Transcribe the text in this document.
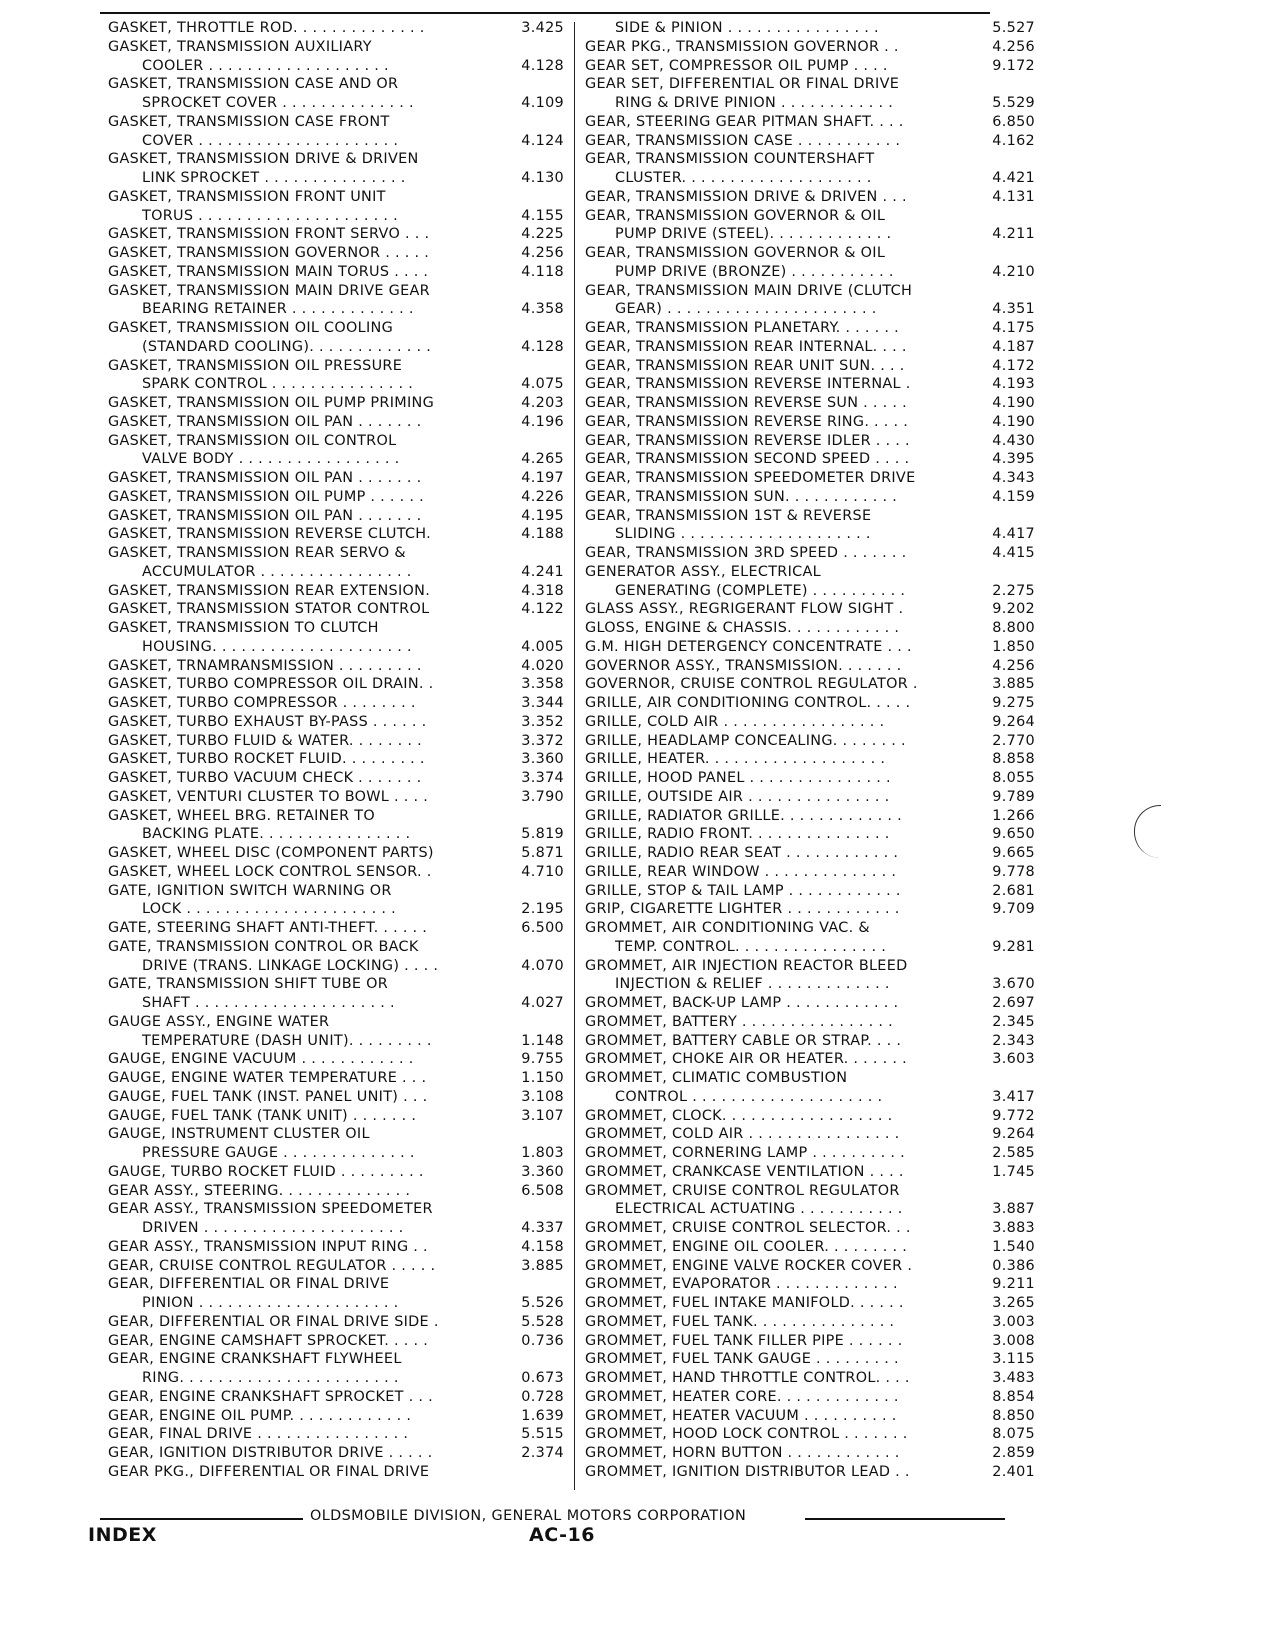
GASKET, THROTTLE ROD. . . . . . . . . . . . . .	3.425
GASKET, TRANSMISSION AUXILIARY
COOLER . . . . . . . . . . . . . . . . . . .	4.128
GASKET, TRANSMISSION CASE AND OR
SPROCKET COVER . . . . . . . . . . . . . .	4.109
GASKET, TRANSMISSION CASE FRONT
COVER . . . . . . . . . . . . . . . . . . . . .	4.124
GASKET, TRANSMISSION DRIVE & DRIVEN
LINK SPROCKET . . . . . . . . . . . . . . .	4.130
GASKET, TRANSMISSION FRONT UNIT
TORUS . . . . . . . . . . . . . . . . . . . . .	4.155
GASKET, TRANSMISSION FRONT SERVO . . .	4.225
GASKET, TRANSMISSION GOVERNOR . . . . .	4.256
GASKET, TRANSMISSION MAIN TORUS . . . .	4.118
GASKET, TRANSMISSION MAIN DRIVE GEAR
BEARING RETAINER . . . . . . . . . . . . .	4.358
GASKET, TRANSMISSION OIL COOLING
(STANDARD COOLING). . . . . . . . . . . . .	4.128
GASKET, TRANSMISSION OIL PRESSURE
SPARK CONTROL . . . . . . . . . . . . . . .	4.075
GASKET, TRANSMISSION OIL PUMP PRIMING	4.203
GASKET, TRANSMISSION OIL PAN . . . . . . .	4.196
GASKET, TRANSMISSION OIL CONTROL
VALVE BODY . . . . . . . . . . . . . . . . .	4.265
GASKET, TRANSMISSION OIL PAN . . . . . . .	4.197
GASKET, TRANSMISSION OIL PUMP . . . . . .	4.226
GASKET, TRANSMISSION OIL PAN . . . . . . .	4.195
GASKET, TRANSMISSION REVERSE CLUTCH.	4.188
GASKET, TRANSMISSION REAR SERVO &
ACCUMULATOR . . . . . . . . . . . . . . . .	4.241
GASKET, TRANSMISSION REAR EXTENSION.	4.318
GASKET, TRANSMISSION STATOR CONTROL	4.122
GASKET, TRANSMISSION TO CLUTCH
HOUSING. . . . . . . . . . . . . . . . . . . . .	4.005
GASKET, TRNAMRANSMISSION . . . . . . . . .	4.020
GASKET, TURBO COMPRESSOR OIL DRAIN. .	3.358
GASKET, TURBO COMPRESSOR . . . . . . . .	3.344
GASKET, TURBO EXHAUST BY-PASS . . . . . .	3.352
GASKET, TURBO FLUID & WATER. . . . . . . .	3.372
GASKET, TURBO ROCKET FLUID. . . . . . . . .	3.360
GASKET, TURBO VACUUM CHECK . . . . . . .	3.374
GASKET, VENTURI CLUSTER TO BOWL . . . .	3.790
GASKET, WHEEL BRG. RETAINER TO
BACKING PLATE. . . . . . . . . . . . . . . .	5.819
GASKET, WHEEL DISC (COMPONENT PARTS)	5.871
GASKET, WHEEL LOCK CONTROL SENSOR. .	4.710
GATE, IGNITION SWITCH WARNING OR
LOCK . . . . . . . . . . . . . . . . . . . . . .	2.195
GATE, STEERING SHAFT ANTI-THEFT. . . . . .	6.500
GATE, TRANSMISSION CONTROL OR BACK
DRIVE (TRANS. LINKAGE LOCKING) . . . .	4.070
GATE, TRANSMISSION SHIFT TUBE OR
SHAFT . . . . . . . . . . . . . . . . . . . . .	4.027
GAUGE ASSY., ENGINE WATER
TEMPERATURE (DASH UNIT). . . . . . . . .	1.148
GAUGE, ENGINE VACUUM . . . . . . . . . . . .	9.755
GAUGE, ENGINE WATER TEMPERATURE . . .	1.150
GAUGE, FUEL TANK (INST. PANEL UNIT) . . .	3.108
GAUGE, FUEL TANK (TANK UNIT) . . . . . . .	3.107
GAUGE, INSTRUMENT CLUSTER OIL
PRESSURE GAUGE . . . . . . . . . . . . . .	1.803
GAUGE, TURBO ROCKET FLUID . . . . . . . . .	3.360
GEAR ASSY., STEERING. . . . . . . . . . . . . .	6.508
GEAR ASSY., TRANSMISSION SPEEDOMETER
DRIVEN . . . . . . . . . . . . . . . . . . . . .	4.337
GEAR ASSY., TRANSMISSION INPUT RING . .	4.158
GEAR, CRUISE CONTROL REGULATOR . . . . .	3.885
GEAR, DIFFERENTIAL OR FINAL DRIVE
PINION . . . . . . . . . . . . . . . . . . . . .	5.526
GEAR, DIFFERENTIAL OR FINAL DRIVE SIDE .	5.528
GEAR, ENGINE CAMSHAFT SPROCKET. . . . .	0.736
GEAR, ENGINE CRANKSHAFT FLYWHEEL
RING. . . . . . . . . . . . . . . . . . . . . . .	0.673
GEAR, ENGINE CRANKSHAFT SPROCKET . . .	0.728
GEAR, ENGINE OIL PUMP. . . . . . . . . . . . .	1.639
GEAR, FINAL DRIVE . . . . . . . . . . . . . . . .	5.515
GEAR, IGNITION DISTRIBUTOR DRIVE . . . . .	2.374
GEAR PKG., DIFFERENTIAL OR FINAL DRIVE
SIDE & PINION . . . . . . . . . . . . . . . .	5.527
GEAR PKG., TRANSMISSION GOVERNOR . .	4.256
GEAR SET, COMPRESSOR OIL PUMP . . . .	9.172
GEAR SET, DIFFERENTIAL OR FINAL DRIVE
RING & DRIVE PINION . . . . . . . . . . . .	5.529
GEAR, STEERING GEAR PITMAN SHAFT. . . .	6.850
GEAR, TRANSMISSION CASE . . . . . . . . . . .	4.162
GEAR, TRANSMISSION COUNTERSHAFT
CLUSTER. . . . . . . . . . . . . . . . . . . .	4.421
GEAR, TRANSMISSION DRIVE & DRIVEN . . .	4.131
GEAR, TRANSMISSION GOVERNOR & OIL
PUMP DRIVE (STEEL). . . . . . . . . . . . .	4.211
GEAR, TRANSMISSION GOVERNOR & OIL
PUMP DRIVE (BRONZE) . . . . . . . . . . .	4.210
GEAR, TRANSMISSION MAIN DRIVE (CLUTCH
GEAR) . . . . . . . . . . . . . . . . . . . . . .	4.351
GEAR, TRANSMISSION PLANETARY. . . . . . .	4.175
GEAR, TRANSMISSION REAR INTERNAL. . . .	4.187
GEAR, TRANSMISSION REAR UNIT SUN. . . .	4.172
GEAR, TRANSMISSION REVERSE INTERNAL .	4.193
GEAR, TRANSMISSION REVERSE SUN . . . . .	4.190
GEAR, TRANSMISSION REVERSE RING. . . . .	4.190
GEAR, TRANSMISSION REVERSE IDLER . . . .	4.430
GEAR, TRANSMISSION SECOND SPEED . . . .	4.395
GEAR, TRANSMISSION SPEEDOMETER DRIVE	4.343
GEAR, TRANSMISSION SUN. . . . . . . . . . . .	4.159
GEAR, TRANSMISSION 1ST & REVERSE
SLIDING . . . . . . . . . . . . . . . . . . . .	4.417
GEAR, TRANSMISSION 3RD SPEED . . . . . . .	4.415
GENERATOR ASSY., ELECTRICAL
GENERATING (COMPLETE) . . . . . . . . . .	2.275
GLASS ASSY., REGRIGERANT FLOW SIGHT .	9.202
GLOSS, ENGINE & CHASSIS. . . . . . . . . . . .	8.800
G.M. HIGH DETERGENCY CONCENTRATE . . .	1.850
GOVERNOR ASSY., TRANSMISSION. . . . . . .	4.256
GOVERNOR, CRUISE CONTROL REGULATOR .	3.885
GRILLE, AIR CONDITIONING CONTROL. . . . .	9.275
GRILLE, COLD AIR . . . . . . . . . . . . . . . . .	9.264
GRILLE, HEADLAMP CONCEALING. . . . . . . .	2.770
GRILLE, HEATER. . . . . . . . . . . . . . . . . . .	8.858
GRILLE, HOOD PANEL . . . . . . . . . . . . . . .	8.055
GRILLE, OUTSIDE AIR . . . . . . . . . . . . . . .	9.789
GRILLE, RADIATOR GRILLE. . . . . . . . . . . . .	1.266
GRILLE, RADIO FRONT. . . . . . . . . . . . . . .	9.650
GRILLE, RADIO REAR SEAT . . . . . . . . . . . .	9.665
GRILLE, REAR WINDOW . . . . . . . . . . . . . .	9.778
GRILLE, STOP & TAIL LAMP . . . . . . . . . . . .	2.681
GRIP, CIGARETTE LIGHTER . . . . . . . . . . . .	9.709
GROMMET, AIR CONDITIONING VAC. &
TEMP. CONTROL. . . . . . . . . . . . . . . .	9.281
GROMMET, AIR INJECTION REACTOR BLEED
INJECTION & RELIEF . . . . . . . . . . . . .	3.670
GROMMET, BACK-UP LAMP . . . . . . . . . . . .	2.697
GROMMET, BATTERY . . . . . . . . . . . . . . . .	2.345
GROMMET, BATTERY CABLE OR STRAP. . . .	2.343
GROMMET, CHOKE AIR OR HEATER. . . . . . .	3.603
GROMMET, CLIMATIC COMBUSTION
CONTROL . . . . . . . . . . . . . . . . . . . .	3.417
GROMMET, CLOCK. . . . . . . . . . . . . . . . . .	9.772
GROMMET, COLD AIR . . . . . . . . . . . . . . . .	9.264
GROMMET, CORNERING LAMP . . . . . . . . . .	2.585
GROMMET, CRANKCASE VENTILATION . . . .	1.745
GROMMET, CRUISE CONTROL REGULATOR
ELECTRICAL ACTUATING . . . . . . . . . . .	3.887
GROMMET, CRUISE CONTROL SELECTOR. . .	3.883
GROMMET, ENGINE OIL COOLER. . . . . . . . .	1.540
GROMMET, ENGINE VALVE ROCKER COVER .	0.386
GROMMET, EVAPORATOR . . . . . . . . . . . . .	9.211
GROMMET, FUEL INTAKE MANIFOLD. . . . . .	3.265
GROMMET, FUEL TANK. . . . . . . . . . . . . . .	3.003
GROMMET, FUEL TANK FILLER PIPE . . . . . .	3.008
GROMMET, FUEL TANK GAUGE . . . . . . . . .	3.115
GROMMET, HAND THROTTLE CONTROL. . . .	3.483
GROMMET, HEATER CORE. . . . . . . . . . . . .	8.854
GROMMET, HEATER VACUUM . . . . . . . . . .	8.850
GROMMET, HOOD LOCK CONTROL . . . . . . .	8.075
GROMMET, HORN BUTTON . . . . . . . . . . . .	2.859
GROMMET, IGNITION DISTRIBUTOR LEAD . .	2.401
OLDSMOBILE DIVISION, GENERAL MOTORS CORPORATION
INDEX	AC-16
